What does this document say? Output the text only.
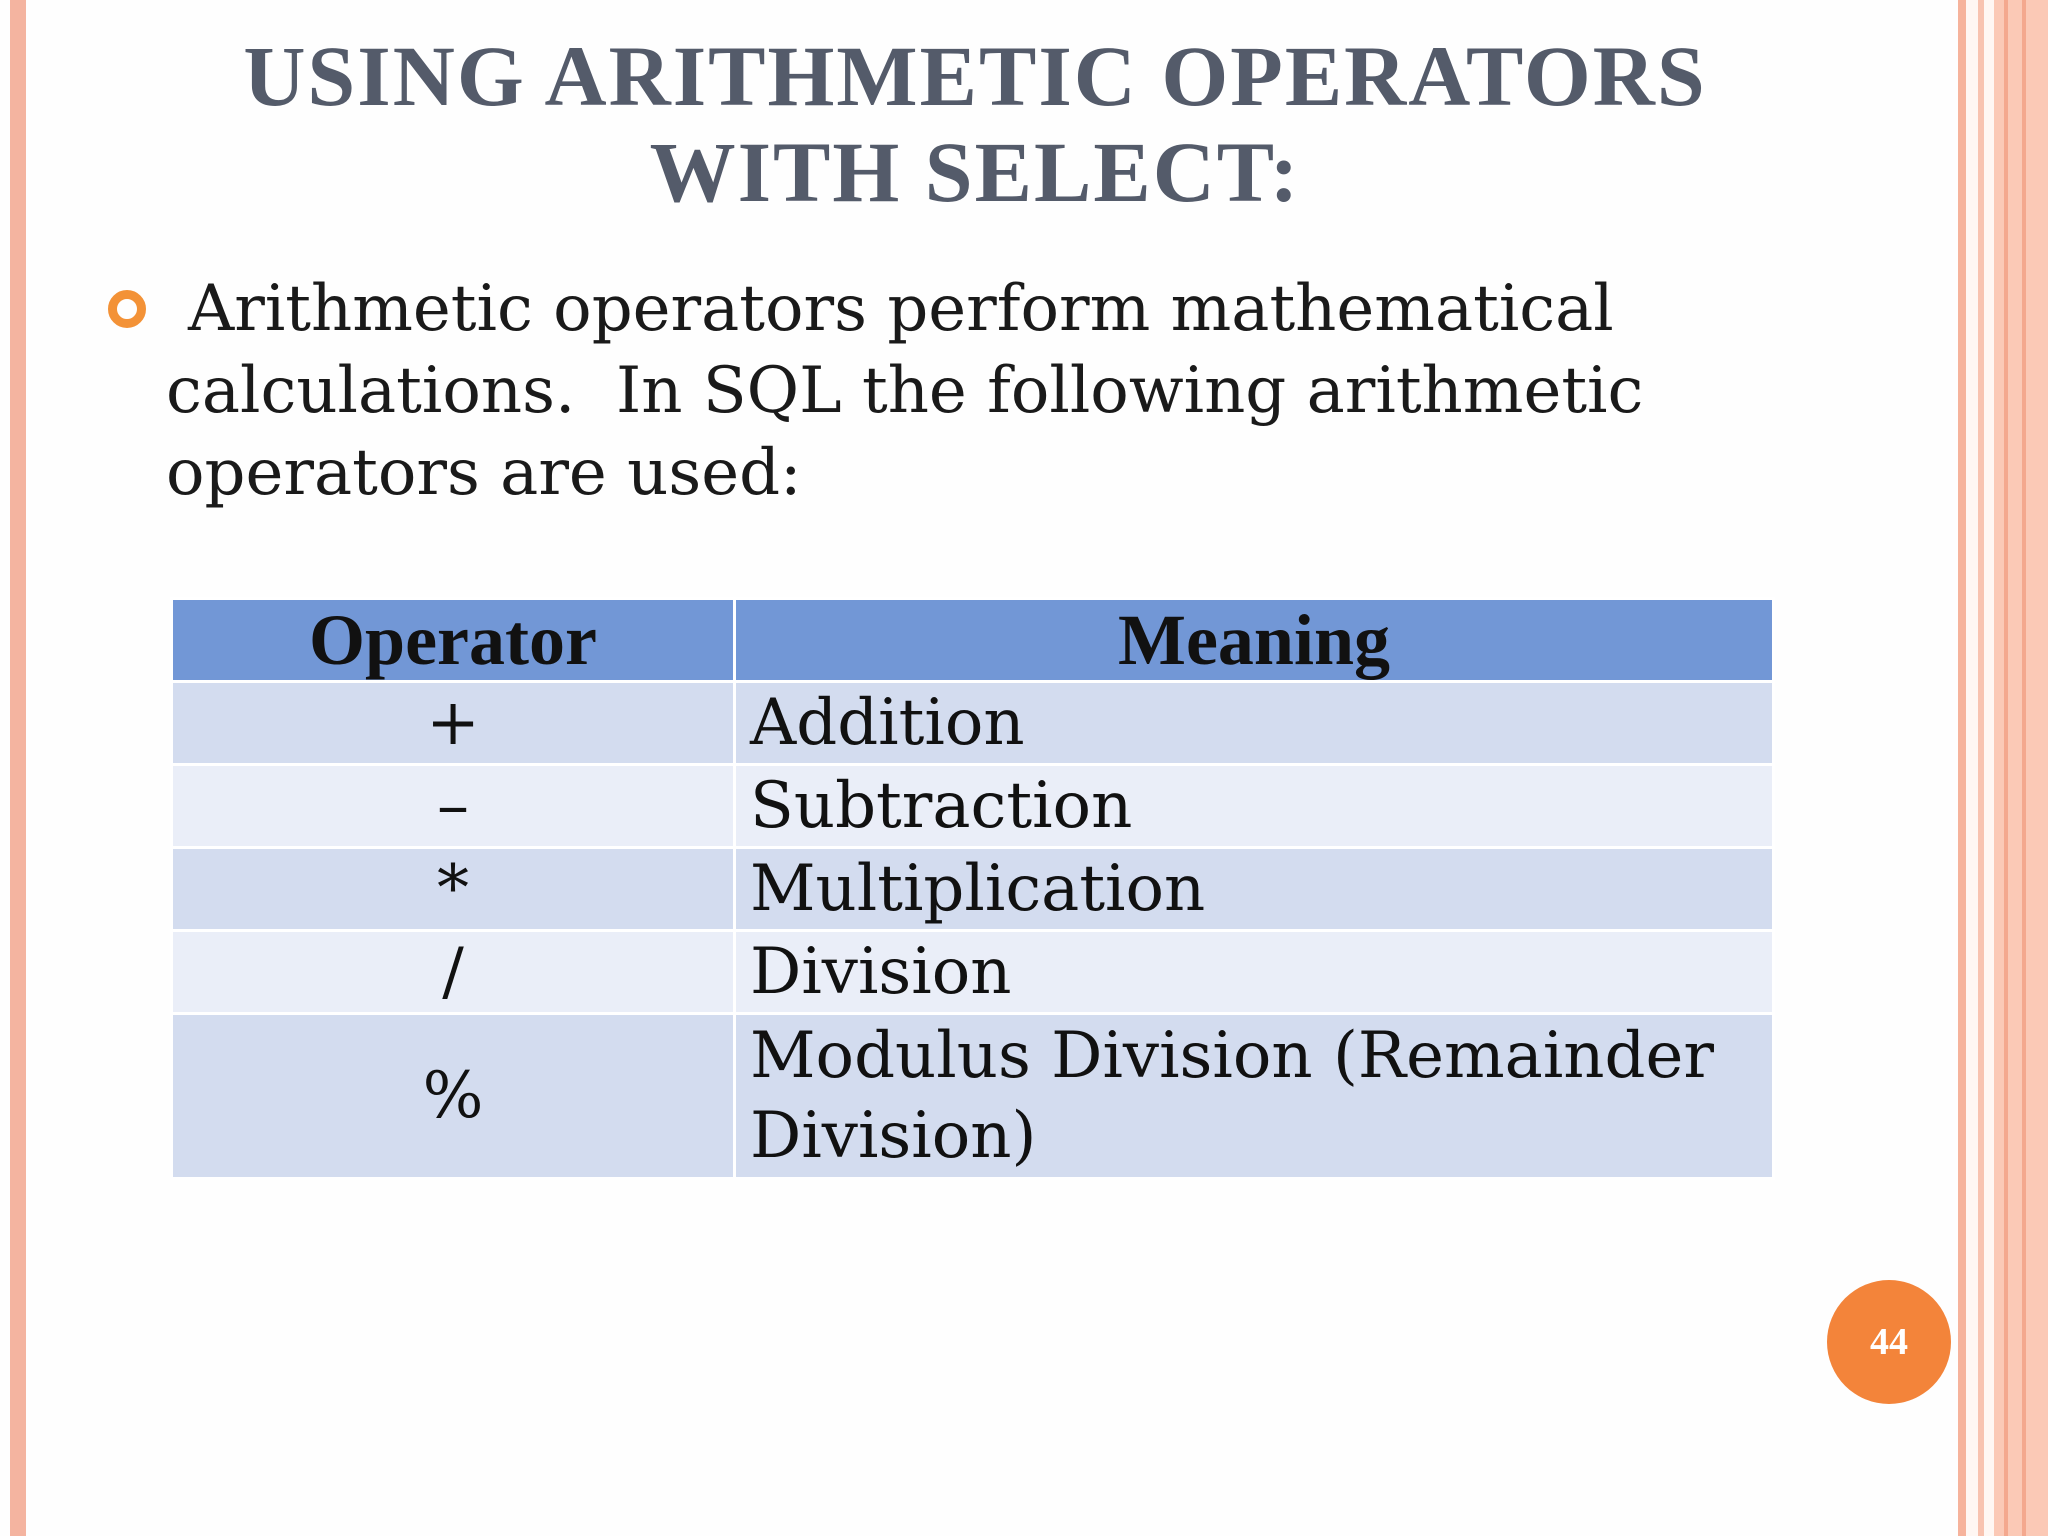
USING ARITHMETIC OPERATORS
WITH SELECT:
Arithmetic operators perform mathematical
calculations.  In SQL the following arithmetic
operators are used:
Operator	Meaning
+	Addition
–	Subtraction
*	Multiplication
/	Division
%	Modulus Division (Remainder
Division)
44
